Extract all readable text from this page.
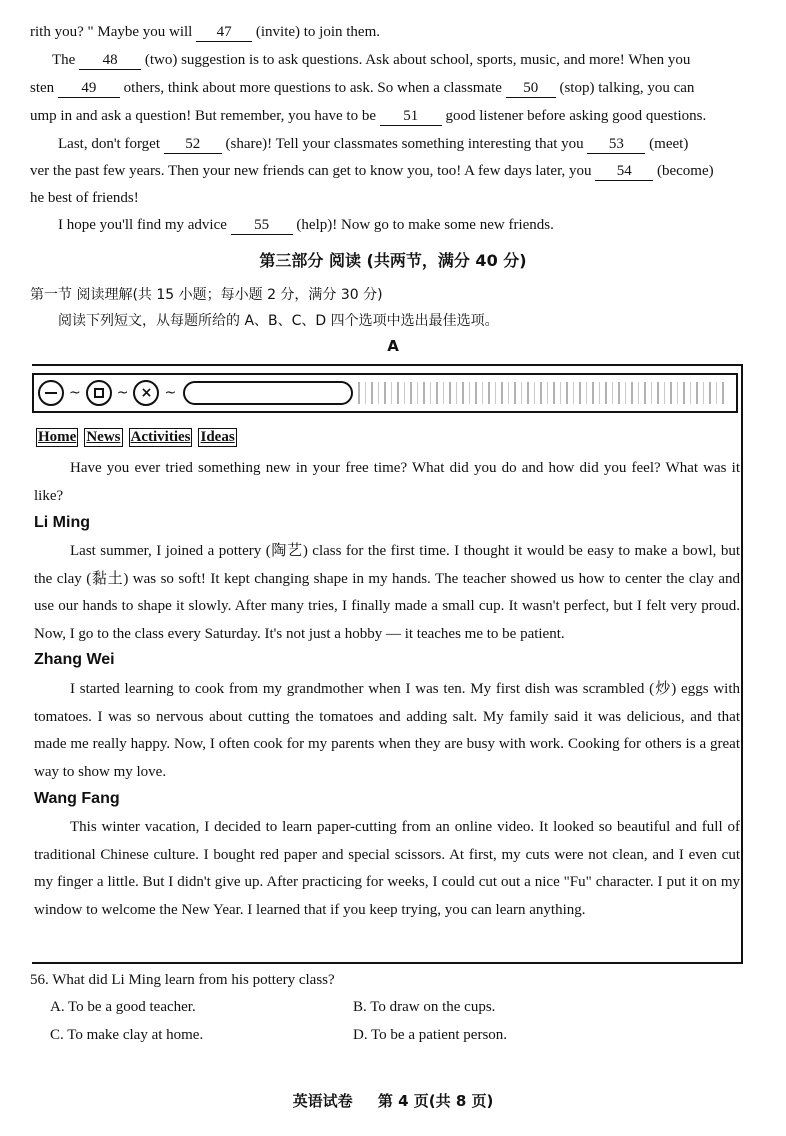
rith you? " Maybe you will 47 (invite) to join them.
The 48 (two) suggestion is to ask questions. Ask about school, sports, music, and more! When you
sten 49 others, think about more questions to ask. So when a classmate 50 (stop) talking, you can
ump in and ask a question! But remember, you have to be 51 good listener before asking good questions.
Last, don't forget 52 (share)! Tell your classmates something interesting that you 53 (meet)
ver the past few years. Then your new friends can get to know you, too! A few days later, you 54 (become)
he best of friends!
I hope you'll find my advice 55 (help)! Now go to make some new friends.
第三部分 阅读 (共两节，满分 40 分)
第一节 阅读理解(共 15 小题；每小题 2 分，满分 30 分)
阅读下列短文，从每题所给的 A、B、C、D 四个选项中选出最佳选项。
A
~	~ × ~
Home News Activities Ideas

Have you ever tried something new in your free time? What did you do and how did you feel? What was it like?

Li Ming

Last summer, I joined a pottery (陶艺) class for the first time. I thought it would be easy to make a bowl, but the clay (黏土) was so soft! It kept changing shape in my hands. The teacher showed us how to center the clay and use our hands to shape it slowly. After many tries, I finally made a small cup. It wasn't perfect, but I felt very proud. Now, I go to the class every Saturday. It's not just a hobby — it teaches me to be patient.

Zhang Wei

I started learning to cook from my grandmother when I was ten. My first dish was scrambled (炒) eggs with tomatoes. I was so nervous about cutting the tomatoes and adding salt. My family said it was delicious, and that made me really happy. Now, I often cook for my parents when they are busy with work. Cooking for others is a great way to show my love.

Wang Fang

This winter vacation, I decided to learn paper-cutting from an online video. It looked so beautiful and full of traditional Chinese culture. I bought red paper and special scissors. At first, my cuts were not clean, and I even cut my finger a little. But I didn't give up. After practicing for weeks, I could cut out a nice "Fu" character. I put it on my window to welcome the New Year. I learned that if you keep trying, you can learn anything.

56. What did Li Ming learn from his pottery class?
A. To be a good teacher.	B. To draw on the cups.
C. To make clay at home.	D. To be a patient person.
英语试卷 第 4 页(共 8 页)
